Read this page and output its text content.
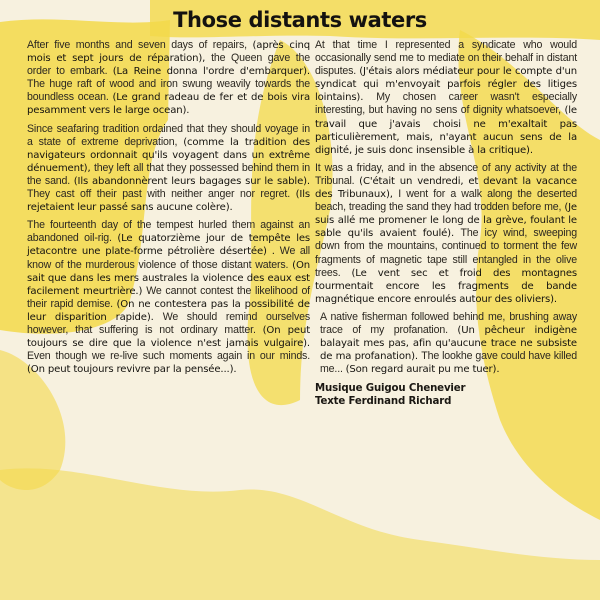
Those distants waters

After five months and seven days of repairs, (après cinq mois et sept jours de réparation), the Queen gave the order to embark. (La Reine donna l'ordre d'embarquer). The huge raft of wood and iron swung weavily towards the boundless ocean. (Le grand radeau de fer et de bois vira pesamment vers le large ocean).

Since seafaring tradition ordained that they should voyage in a state of extreme deprivation, (comme la tradition des navigateurs ordonnait qu'ils voyagent dans un extrême dénuement), they left all that they possessed behind them in the sand. (Ils abandonnèrent leurs bagages sur le sable). They cast off their past with neither anger nor regret. (Ils rejetaient leur passé sans aucune colère).

The fourteenth day of the tempest hurled them against an abandoned oil-rig. (Le quatorzième jour de tempête les jetacontre une plate-forme pétrolière désertée) . We all know of the murderous violence of those distant waters. (On sait que dans les mers australes la violence des eaux est facilement meurtrière.) We cannot contest the likelihood of their rapid demise. (On ne contestera pas la possibilité de leur disparition rapide). We should remind ourselves however, that suffering is not ordinary matter. (On peut toujours se dire que la violence n'est jamais vulgaire). Even though we re-live such moments again in our minds. (On peut toujours revivre par la pensée...).

At that time I represented a syndicate who would occasionally send me to mediate on their behalf in distant disputes. (J'étais alors médiateur pour le compte d'un syndicat qui m'envoyait parfois régler des litiges lointains). My chosen career wasn't especially interesting, but having no sens of dignity whatsoever, (le travail que j'avais choisi ne m'exaltait pas particulièrement, mais, n'ayant aucun sens de la dignité, je suis donc insensible à la critique).

It was a friday, and in the absence of any activity at the Tribunal. (C'était un vendredi, et devant la vacance des Tribunaux), I went for a walk along the deserted beach, treading the sand they had trodden before me, (Je suis allé me promener le long de la grève, foulant le sable qu'ils avaient foulé). The icy wind, sweeping down from the mountains, continued to torment the few fragments of magnetic tape still entangled in the olive trees. (Le vent sec et froid des montagnes tourmentait encore les fragments de bande magnétique encore enroulés autour des oliviers).

A native fisherman followed behind me, brushing away trace of my profanation. (Un pêcheur indigène balayait mes pas, afin qu'aucune trace ne subsiste de ma profanation). The lookhe gave could have killed me... (Son regard aurait pu me tuer).

Musique Guigou Chenevier
Texte Ferdinand Richard
